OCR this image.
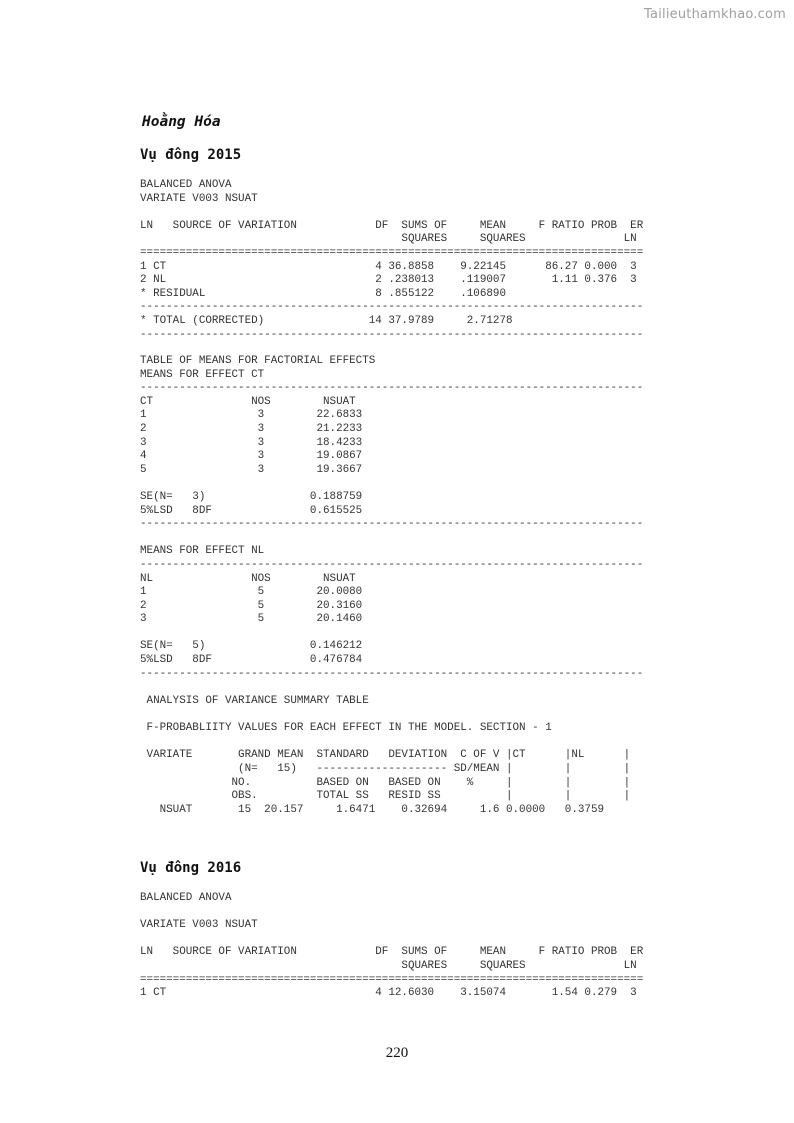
Tailieuthamkhao.com
Hoằng Hóa
Vụ đông 2015
BALANCED ANOVA
VARIATE V003 NSUAT

LN   SOURCE OF VARIATION            DF  SUMS OF     MEAN     F RATIO PROB  ER
SQUARES     SQUARES               LN
=============================================================================
1 CT                                4 36.8858    9.22145      86.27 0.000  3
2 NL                                2 .238013    .119007       1.11 0.376  3
* RESIDUAL                          8 .855122    .106890
-----------------------------------------------------------------------------
* TOTAL (CORRECTED)                14 37.9789     2.71278
-----------------------------------------------------------------------------

TABLE OF MEANS FOR FACTORIAL EFFECTS
MEANS FOR EFFECT CT
-----------------------------------------------------------------------------
CT               NOS        NSUAT
1                 3        22.6833
2                 3        21.2233
3                 3        18.4233
4                 3        19.0867
5                 3        19.3667

SE(N=   3)                0.188759
5%LSD   8DF               0.615525
-----------------------------------------------------------------------------

MEANS FOR EFFECT NL
-----------------------------------------------------------------------------
NL               NOS        NSUAT
1                 5        20.0080
2                 5        20.3160
3                 5        20.1460

SE(N=   5)                0.146212
5%LSD   8DF               0.476784
-----------------------------------------------------------------------------

ANALYSIS OF VARIANCE SUMMARY TABLE

F-PROBABLIITY VALUES FOR EACH EFFECT IN THE MODEL. SECTION - 1

VARIATE       GRAND MEAN  STANDARD   DEVIATION  C OF V |CT      |NL      |
(N=   15)   -------------------- SD/MEAN |        |        |
NO.          BASED ON   BASED ON    %     |        |        |
OBS.         TOTAL SS   RESID SS          |        |        |
NSUAT       15  20.157     1.6471    0.32694     1.6 0.0000   0.3759

Vụ đông 2016
BALANCED ANOVA

VARIATE V003 NSUAT

LN   SOURCE OF VARIATION            DF  SUMS OF     MEAN     F RATIO PROB  ER
SQUARES     SQUARES               LN
=============================================================================
1 CT                                4 12.6030    3.15074       1.54 0.279  3

220
